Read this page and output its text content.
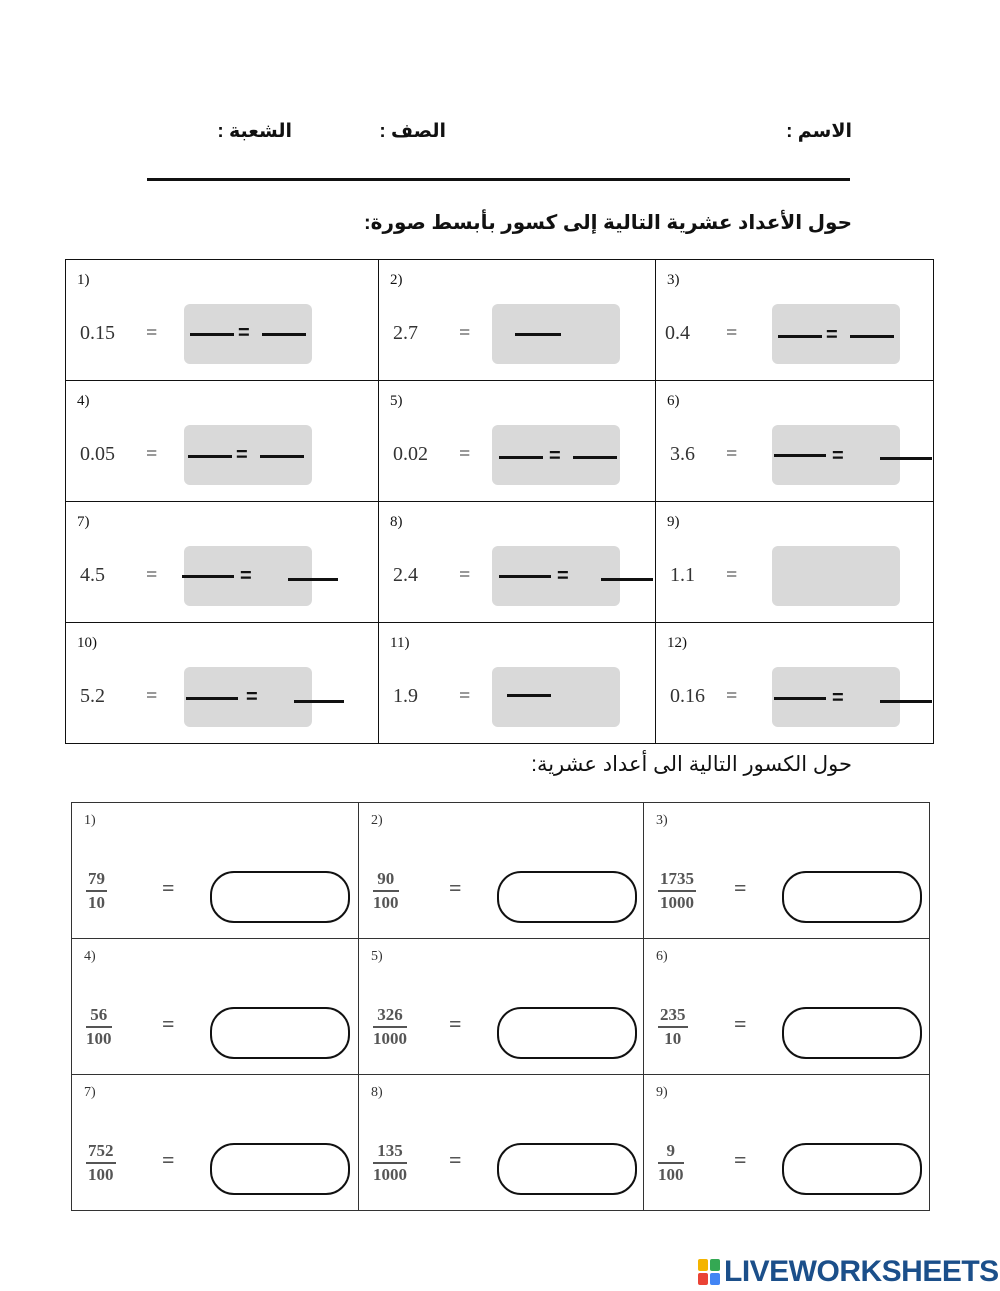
الاسم :
الصف :
الشعبة :
حول الأعداد عشرية التالية إلى كسور بأبسط صورة:
1)
0.15 = =	2)
2.7 =	3)
0.4 = =

4)
0.05 = =	5)
0.02 = =	6)
3.6 = =

7)
4.5 = =	8)
2.4 = =	9)
1.1 =

10)
5.2 = =	11)
1.9 =	12)
0.16 = =
حول الكسور التالية الى أعداد عشرية:
1)
$\frac{79}{10}$ =	2)
$\frac{90}{100}$ =	3)
$\frac{1735}{1000}$ =

4)
$\frac{56}{100}$ =	5)
$\frac{326}{1000}$ =	6)
$\frac{235}{10}$ =

7)
$\frac{752}{100}$ =	8)
$\frac{135}{1000}$ =	9)
$\frac{9}{100}$ =
LIVEWORKSHEETS
